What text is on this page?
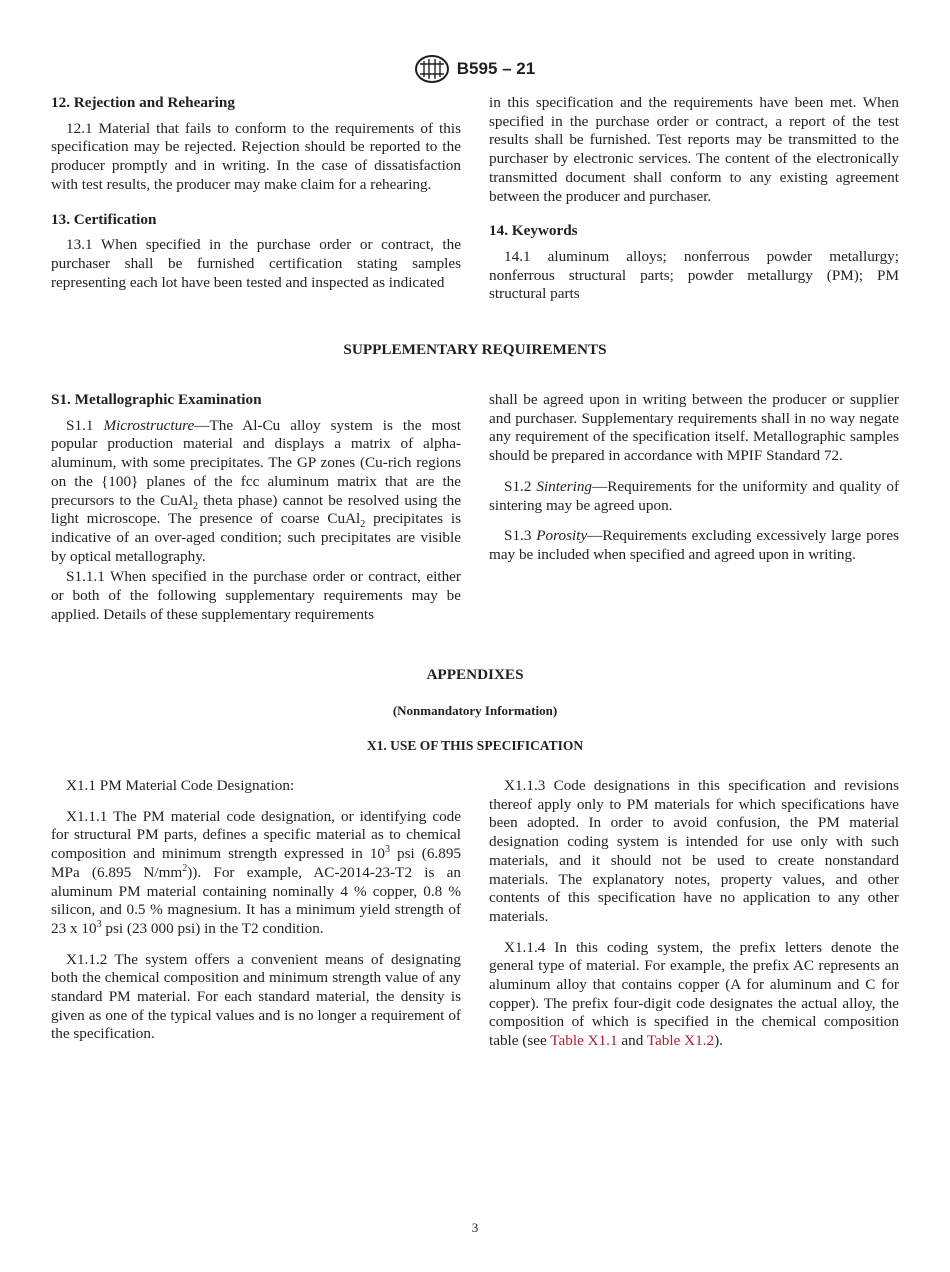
B595 – 21
12. Rejection and Rehearing

12.1 Material that fails to conform to the requirements of this specification may be rejected. Rejection should be reported to the producer promptly and in writing. In the case of dissatisfaction with test results, the producer may make claim for a rehearing.

13. Certification

13.1 When specified in the purchase order or contract, the purchaser shall be furnished certification stating samples representing each lot have been tested and inspected as indicated

in this specification and the requirements have been met. When specified in the purchase order or contract, a report of the test results shall be furnished. Test reports may be transmitted to the purchaser by electronic services. The content of the electronically transmitted document shall conform to any existing agreement between the producer and purchaser.

14. Keywords

14.1 aluminum alloys; nonferrous powder metallurgy; nonferrous structural parts; powder metallurgy (PM); PM structural parts

SUPPLEMENTARY REQUIREMENTS
S1. Metallographic Examination

S1.1 Microstructure—The Al-Cu alloy system is the most popular production material and displays a matrix of alpha-aluminum, with some precipitates. The GP zones (Cu-rich regions on the {100} planes of the fcc aluminum matrix that are the precursors to the CuAl$_2$ theta phase) cannot be resolved using the light microscope. The presence of coarse CuAl$_2$ precipitates is indicative of an over-aged condition; such precipitates are visible by optical metallography.

S1.1.1 When specified in the purchase order or contract, either or both of the following supplementary requirements may be applied. Details of these supplementary requirements

shall be agreed upon in writing between the producer or supplier and purchaser. Supplementary requirements shall in no way negate any requirement of the specification itself. Metallographic samples should be prepared in accordance with MPIF Standard 72.

S1.2 Sintering—Requirements for the uniformity and quality of sintering may be agreed upon.

S1.3 Porosity—Requirements excluding excessively large pores may be included when specified and agreed upon in writing.

APPENDIXES
(Nonmandatory Information)
X1. USE OF THIS SPECIFICATION

X1.1 PM Material Code Designation:

X1.1.1 The PM material code designation, or identifying code for structural PM parts, defines a specific material as to chemical composition and minimum strength expressed in $10^3$ psi (6.895 MPa (6.895 $N/mm^2$)). For example, AC-2014-23-T2 is an aluminum PM material containing nominally 4 % copper, 0.8 % silicon, and 0.5 % magnesium. It has a minimum yield strength of 23 x $10^3$ psi (23 000 psi) in the T2 condition.

X1.1.2 The system offers a convenient means of designating both the chemical composition and minimum strength value of any standard PM material. For each standard material, the density is given as one of the typical values and is no longer a requirement of the specification.

X1.1.3 Code designations in this specification and revisions thereof apply only to PM materials for which specifications have been adopted. In order to avoid confusion, the PM material designation coding system is intended for use only with such materials, and it should not be used to create nonstandard materials. The explanatory notes, property values, and other contents of this specification have no application to any other materials.

X1.1.4 In this coding system, the prefix letters denote the general type of material. For example, the prefix AC represents an aluminum alloy that contains copper (A for aluminum and C for copper). The prefix four-digit code designates the actual alloy, the composition of which is specified in the chemical composition table (see Table X1.1 and Table X1.2).

3
